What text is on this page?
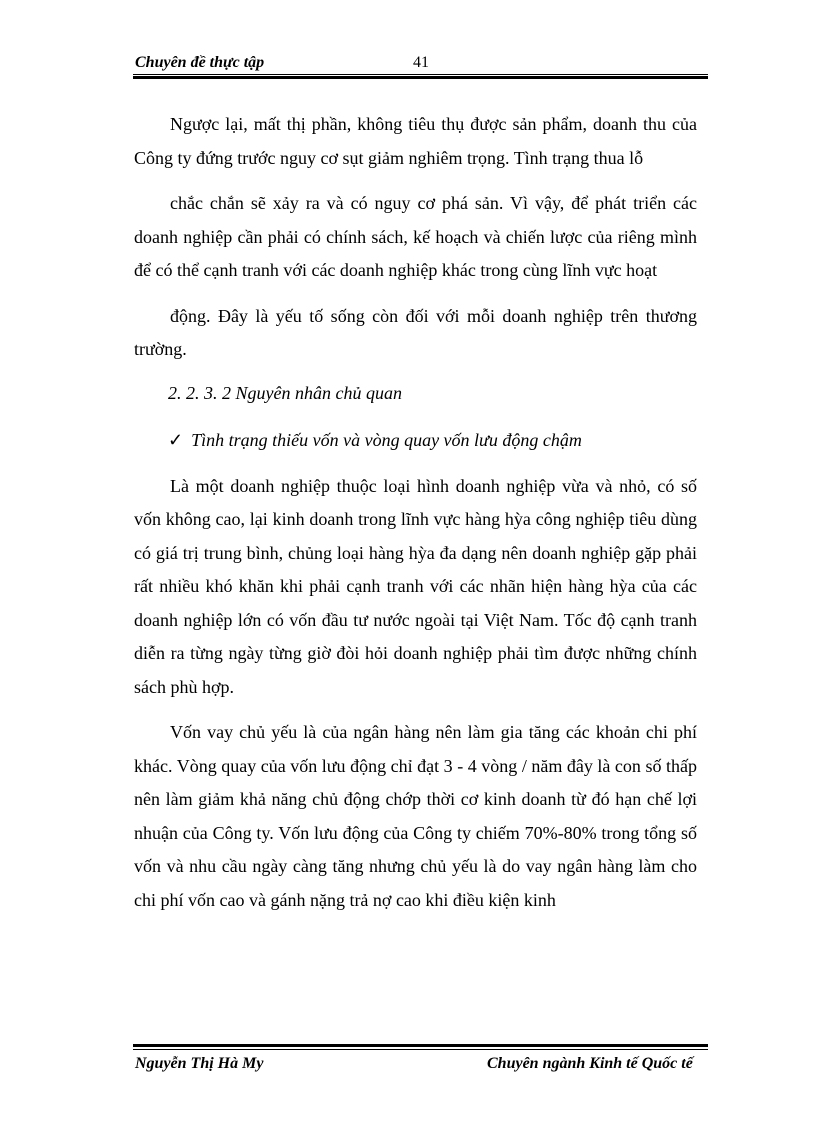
Chuyên đề thực tập	41

Ngược lại, mất thị phần, không tiêu thụ được sản phẩm, doanh thu của Công ty đứng trước nguy cơ sụt giảm nghiêm trọng. Tình trạng thua lỗ

chắc chắn sẽ xảy ra và có nguy cơ phá sản. Vì vậy, để phát triển các doanh nghiệp cần phải có chính sách, kế hoạch và chiến lược của riêng mình để có thể cạnh tranh với các doanh nghiệp khác trong cùng lĩnh vực hoạt

động. Đây là yếu tố sống còn đối với mỗi doanh nghiệp trên thương trường.

2. 2. 3. 2 Nguyên nhân chủ quan

✓ Tình trạng thiếu vốn và vòng quay vốn lưu động chậm

Là một doanh nghiệp thuộc loại hình doanh nghiệp vừa và nhỏ, có số vốn không cao, lại kinh doanh trong lĩnh vực hàng hỳa công nghiệp tiêu dùng có giá trị trung bình, chủng loại hàng hỳa đa dạng nên doanh nghiệp gặp phải rất nhiều khó khăn khi phải cạnh tranh với các nhãn hiện hàng hỳa của các doanh nghiệp lớn có vốn đầu tư nước ngoài tại Việt Nam. Tốc độ cạnh tranh diễn ra từng ngày từng giờ đòi hỏi doanh nghiệp phải tìm được những chính sách phù hợp.

Vốn vay chủ yếu là của ngân hàng nên làm gia tăng các khoản chi phí khác. Vòng quay của vốn lưu động chỉ đạt 3 - 4 vòng / năm đây là con số thấp nên làm giảm khả năng chủ động chớp thời cơ kinh doanh từ đó hạn chế lợi nhuận của Công ty. Vốn lưu động của Công ty chiếm 70%-80% trong tổng số vốn và nhu cầu ngày càng tăng nhưng chủ yếu là do vay ngân hàng làm cho chi phí vốn cao và gánh nặng trả nợ cao khi điều kiện kinh

Nguyễn Thị Hà My	Chuyên ngành Kinh tế Quốc tế
